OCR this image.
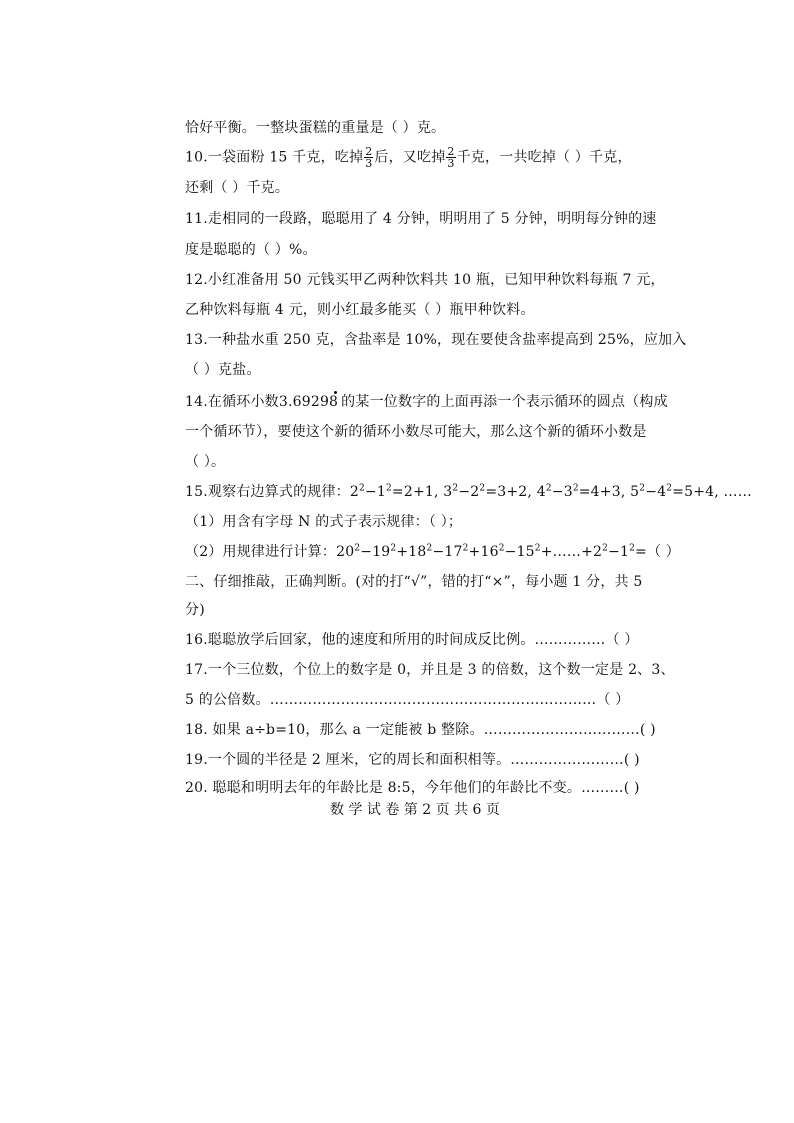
恰好平衡。一整块蛋糕的重量是（ ）克。
10.一袋面粉 15 千克，吃掉 $\frac{2}{3}$ 后，又吃掉 $\frac{2}{3}$ 千克，一共吃掉（ ）千克，
还剩（ ）千克。
11.走相同的一段路，聪聪用了 4 分钟，明明用了 5 分钟，明明每分钟的速
度是聪聪的（ ）%。
12.小红准备用 50 元钱买甲乙两种饮料共 10 瓶，已知甲种饮料每瓶 7 元，
乙种饮料每瓶 4 元，则小红最多能买（ ）瓶甲种饮料。
13.一种盐水重 250 克，含盐率是 10%，现在要使含盐率提高到 25%，应加入
（ ）克盐。
14.在循环小数3.69298 的某一位数字的上面再添一个表示循环的圆点（构成
一个循环节），要使这个新的循环小数尽可能大，那么这个新的循环小数是
（ ）。
15.观察右边算式的规律：$2^2-1^2=2+1$, $3^2-2^2=3+2$, $4^2-3^2=4+3$, $5^2-4^2=5+4$, ……
（1）用含有字母 N 的式子表示规律：（ ）；
（2）用规律进行计算：$20^2-19^2+18^2-17^2+16^2-15^2+\dots\dots+2^2-1^2=$（ ）
二、仔细推敲，正确判断。(对的打“√”，错的打“×”，每小题 1 分，共 5
分)
16.聪聪放学后回家，他的速度和所用的时间成反比例。……………（ ）
17.一个三位数，个位上的数字是 0，并且是 3 的倍数，这个数一定是 2、3、
5 的公倍数。……………………………………………………………（ ）
18. 如果 a÷b=10，那么 a 一定能被 b 整除。……………………………( )
19.一个圆的半径是 2 厘米，它的周长和面积相等。……………………( )
20. 聪聪和明明去年的年龄比是 8:5，今年他们的年龄比不变。………( )
数 学 试 卷 第 2 页 共 6 页
